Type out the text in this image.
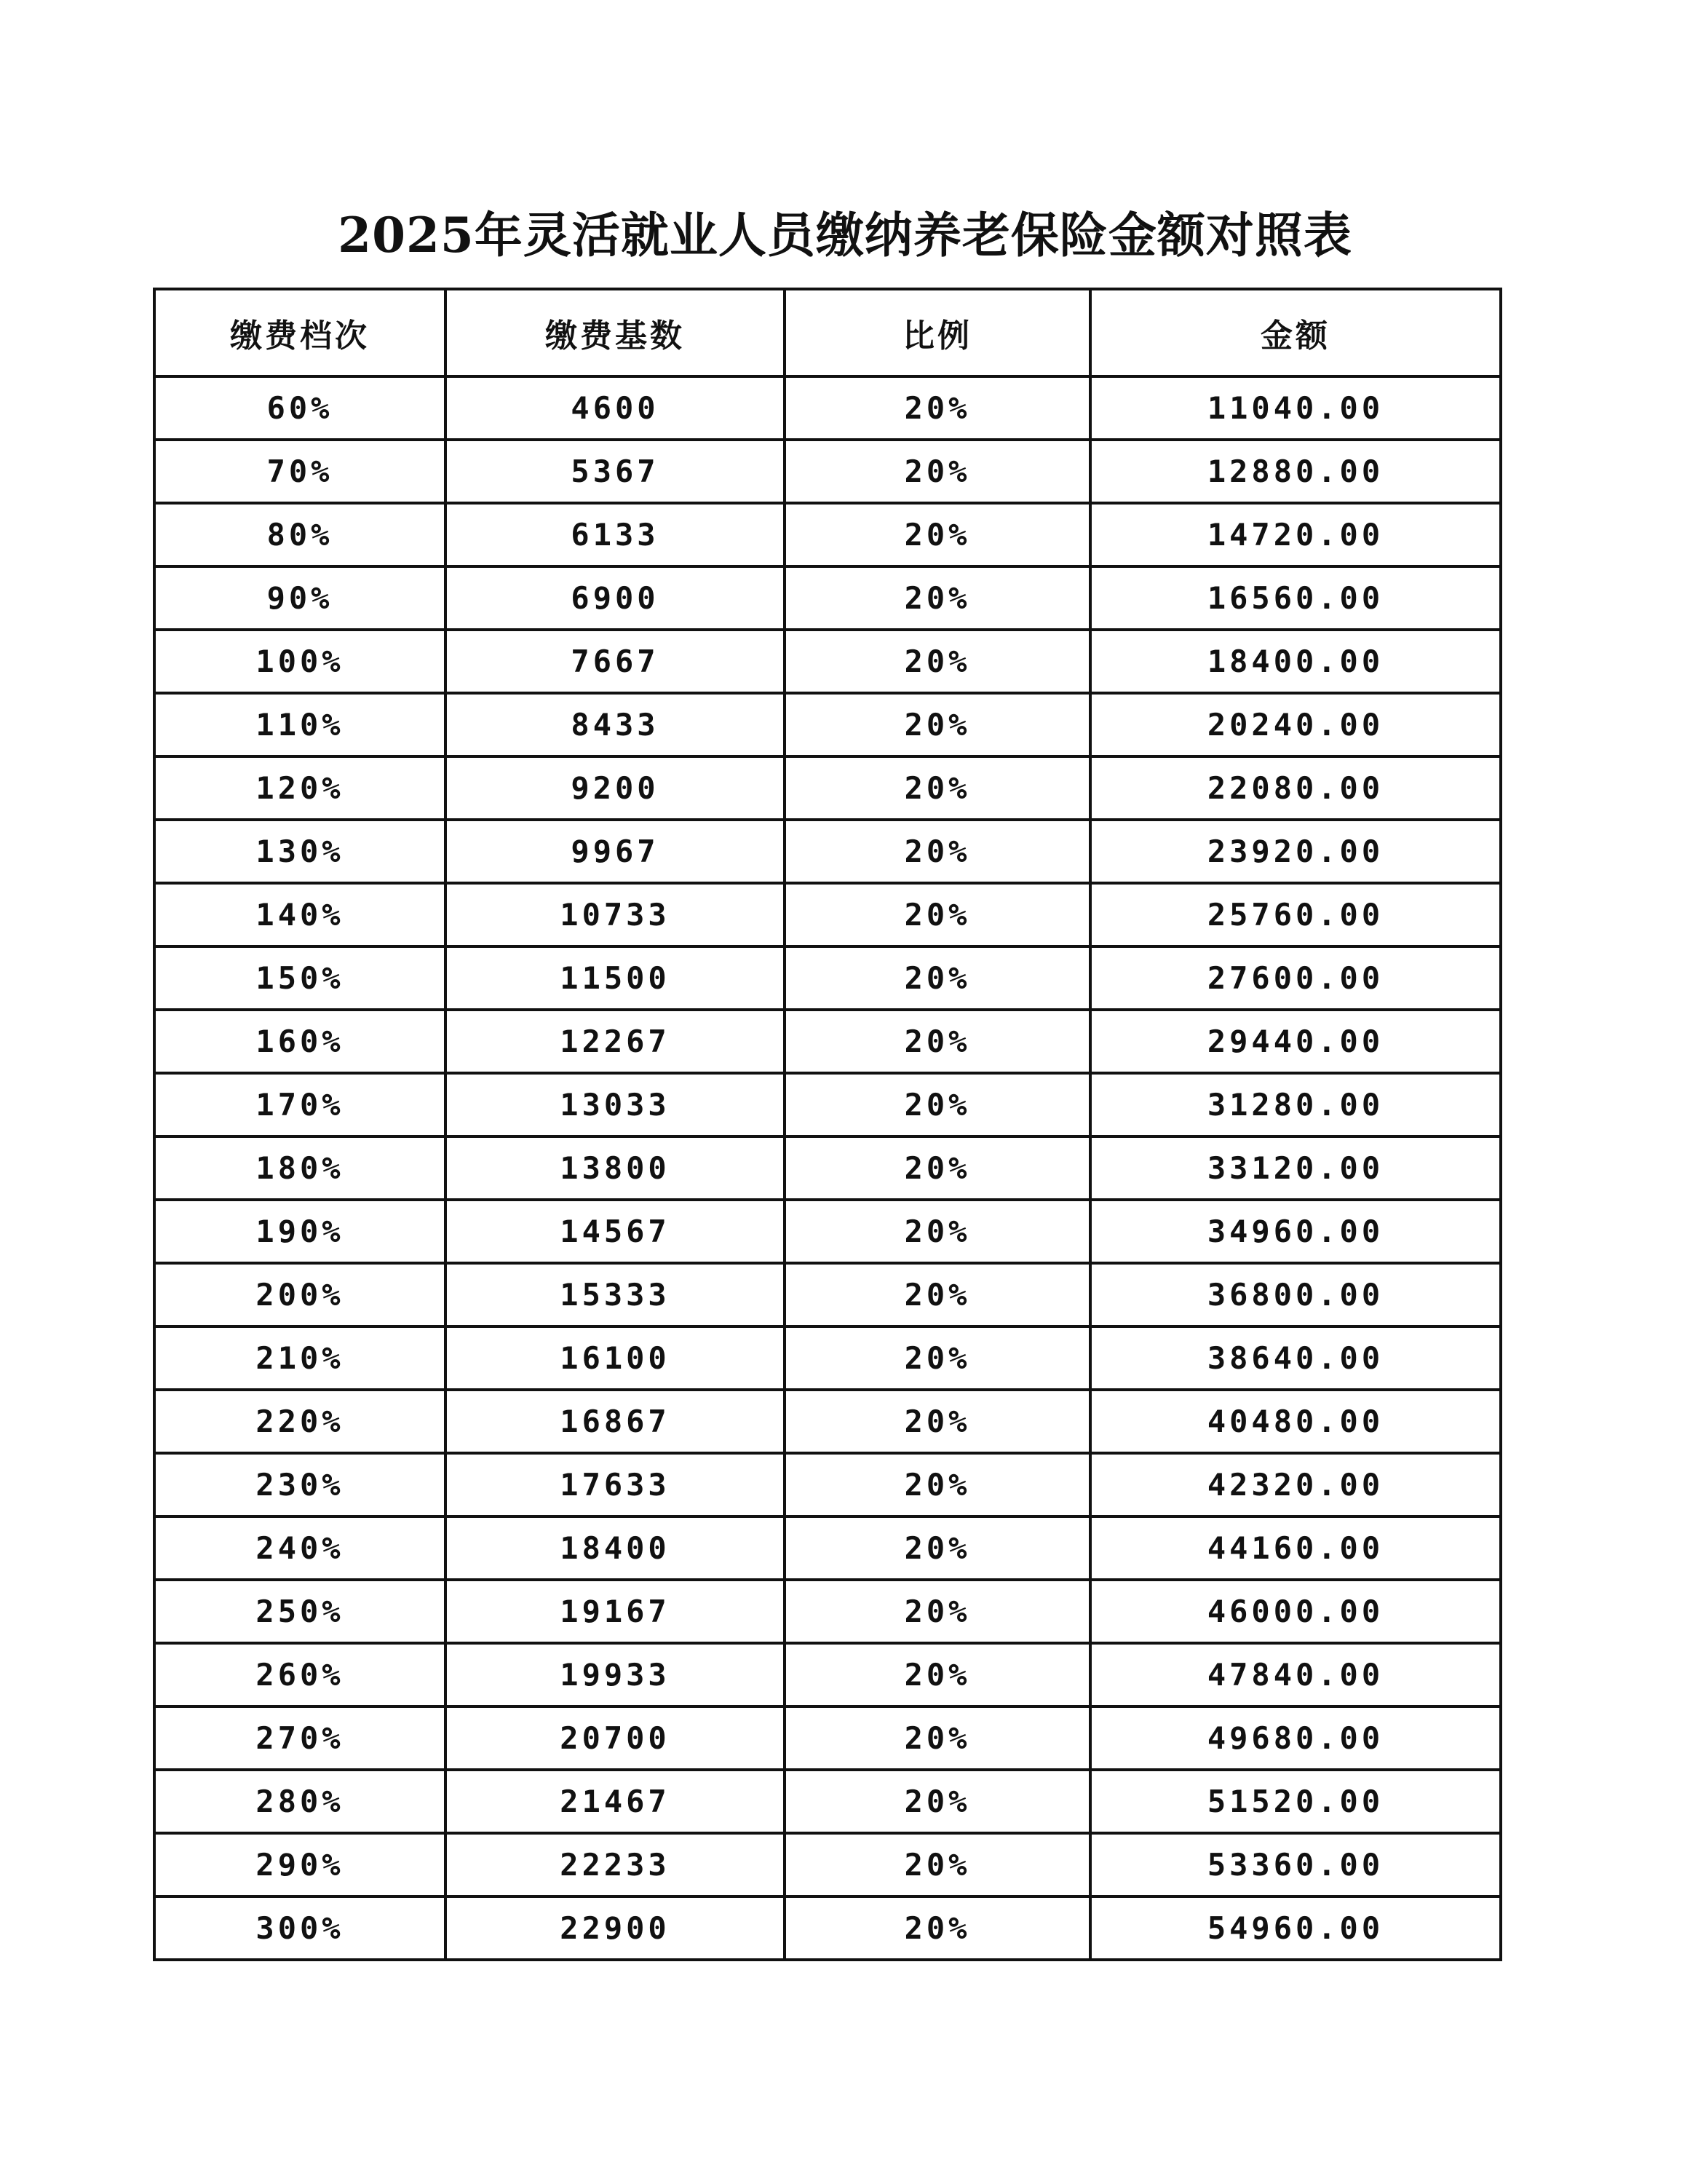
2025年灵活就业人员缴纳养老保险金额对照表
缴费档次	缴费基数	比例	金额
60%	4600	20%	11040.00
70%	5367	20%	12880.00
80%	6133	20%	14720.00
90%	6900	20%	16560.00
100%	7667	20%	18400.00
110%	8433	20%	20240.00
120%	9200	20%	22080.00
130%	9967	20%	23920.00
140%	10733	20%	25760.00
150%	11500	20%	27600.00
160%	12267	20%	29440.00
170%	13033	20%	31280.00
180%	13800	20%	33120.00
190%	14567	20%	34960.00
200%	15333	20%	36800.00
210%	16100	20%	38640.00
220%	16867	20%	40480.00
230%	17633	20%	42320.00
240%	18400	20%	44160.00
250%	19167	20%	46000.00
260%	19933	20%	47840.00
270%	20700	20%	49680.00
280%	21467	20%	51520.00
290%	22233	20%	53360.00
300%	22900	20%	54960.00
